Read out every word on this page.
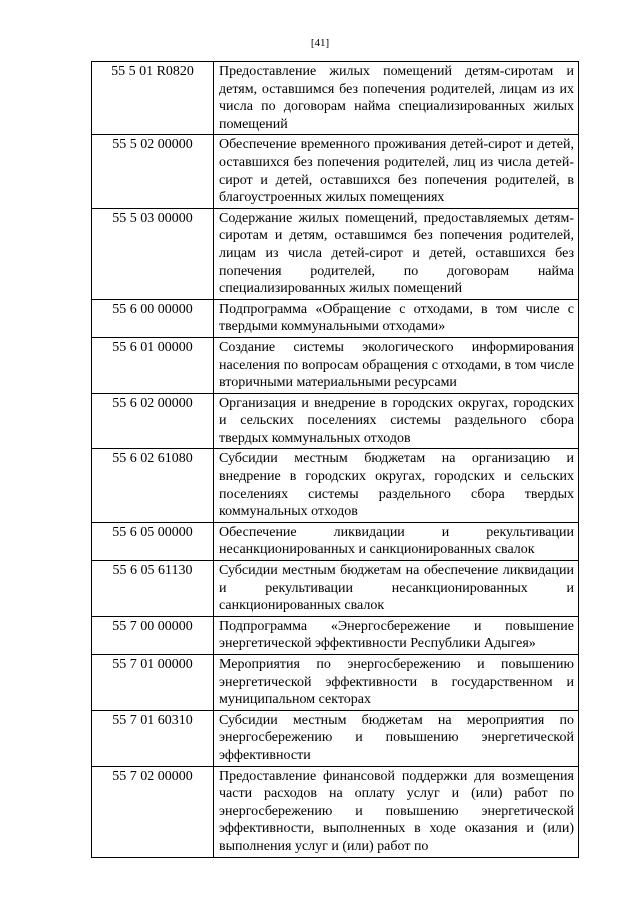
[41]
55 5 01 R0820	Предоставление жилых помещений детям-сиротам и детям, оставшимся без попечения родителей, лицам из их числа по договорам найма специализированных жилых помещений
55 5 02 00000	Обеспечение временного проживания детей-сирот и детей, оставшихся без попечения родителей, лиц из числа детей-сирот и детей, оставшихся без попечения родителей, в благоустроенных жилых помещениях
55 5 03 00000	Содержание жилых помещений, предоставляемых детям-сиротам и детям, оставшимся без попечения родителей, лицам из числа детей-сирот и детей, оставшихся без попечения родителей, по договорам найма специализированных жилых помещений
55 6 00 00000	Подпрограмма «Обращение с отходами, в том числе с твердыми коммунальными отходами»
55 6 01 00000	Создание системы экологического информирования населения по вопросам обращения с отходами, в том числе вторичными материальными ресурсами
55 6 02 00000	Организация и внедрение в городских округах, городских и сельских поселениях системы раздельного сбора твердых коммунальных отходов
55 6 02 61080	Субсидии местным бюджетам на организацию и внедрение в городских округах, городских и сельских поселениях системы раздельного сбора твердых коммунальных отходов
55 6 05 00000	Обеспечение ликвидации и рекультивации несанкционированных и санкционированных свалок
55 6 05 61130	Субсидии местным бюджетам на обеспечение ликвидации и рекультивации несанкционированных и санкционированных свалок
55 7 00 00000	Подпрограмма «Энергосбережение и повышение энергетической эффективности Республики Адыгея»
55 7 01 00000	Мероприятия по энергосбережению и повышению энергетической эффективности в государственном и муниципальном секторах
55 7 01 60310	Субсидии местным бюджетам на мероприятия по энергосбережению и повышению энергетической эффективности
55 7 02 00000	Предоставление финансовой поддержки для возмещения части расходов на оплату услуг и (или) работ по энергосбережению и повышению энергетической эффективности, выполненных в ходе оказания и (или) выполнения услуг и (или) работ по
